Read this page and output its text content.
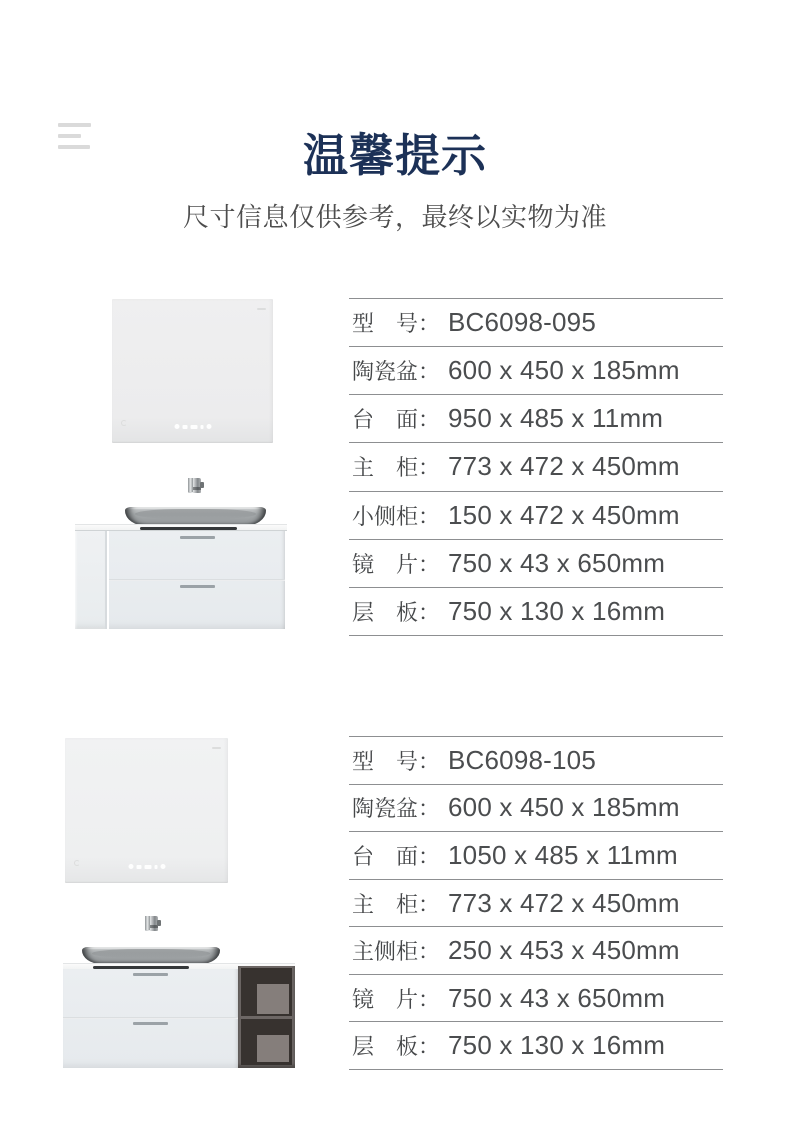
温馨提示

尺寸信息仅供参考，最终以实物为准

型　号： BC6098-095
陶瓷盆： 600 x 450 x 185mm
台　面： 950 x 485 x 11mm
主　柜： 773 x 472 x 450mm
小侧柜： 150 x 472 x 450mm
镜　片： 750 x 43 x 650mm
层　板： 750 x 130 x 16mm
型　号： BC6098-105
陶瓷盆： 600 x 450 x 185mm
台　面： 1050 x 485 x 11mm
主　柜： 773 x 472 x 450mm
主侧柜： 250 x 453 x 450mm
镜　片： 750 x 43 x 650mm
层　板： 750 x 130 x 16mm
